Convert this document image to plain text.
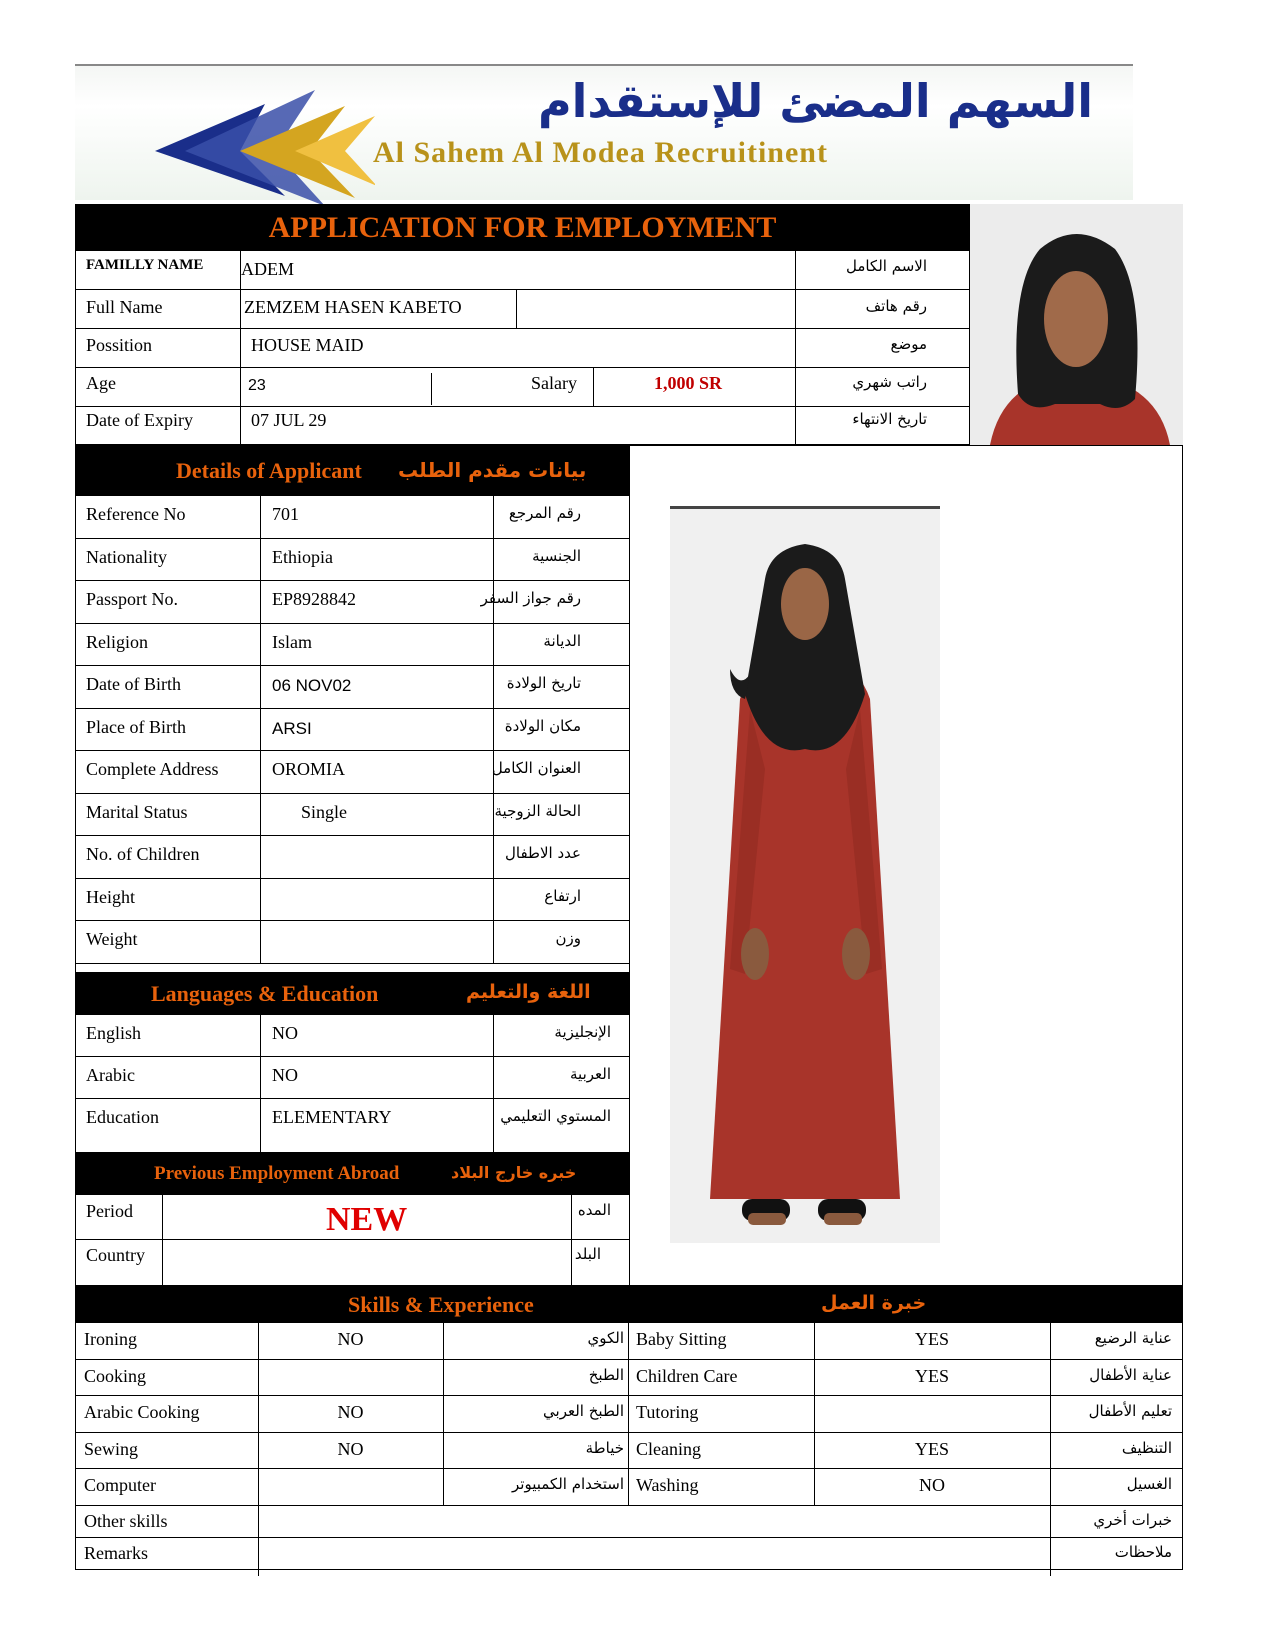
السهم المضئ للإستقدام
Al Sahem Al Modea Recruitinent
APPLICATION FOR EMPLOYMENT
FAMILLY NAME ADEM	الاسم الكامل
Full Name	ZEMZEM HASEN KABETO	رقم هاتف
Possition	HOUSE MAID	موضع
Age	23	Salary	1,000 SR	راتب شهري
Date of Expiry	07 JUL 29	تاريخ الانتهاء
Details of Applicant بيانات مقدم الطلب
Reference No	701	رقم المرجع
Nationality	Ethiopia	الجنسية
Passport No.	EP8928842	رقم جواز السفر
Religion	Islam	الديانة
Date of Birth	06 NOV02	تاريخ الولادة
Place of Birth	ARSI	مكان الولادة
Complete Address	OROMIA	العنوان الكامل
Marital Status	Single	الحالة الزوجية
No. of Children	عدد الاطفال
Height	ارتفاع
Weight	وزن
Languages & Education	اللغة والتعليم
English	NO	الإنجليزية
Arabic	NO	العربية
Education	ELEMENTARY	المستوي التعليمي
Previous Employment Abroad	خبره خارج البلاد
Period	NEW	المده
Country	البلد
Skills & Experience	خبرة العمل
Ironing	NO	الكوي Baby Sitting	YES	عناية الرضيع
Cooking	الطبخ Children Care	YES	عناية الأطفال
Arabic Cooking	NO	الطبخ العربي Tutoring	تعليم الأطفال
Sewing	NO	خياطة Cleaning	YES	التنظيف
Computer	استخدام الكمبيوتر Washing	NO	الغسيل
Other skills	خبرات أخري
Remarks	ملاحظات
